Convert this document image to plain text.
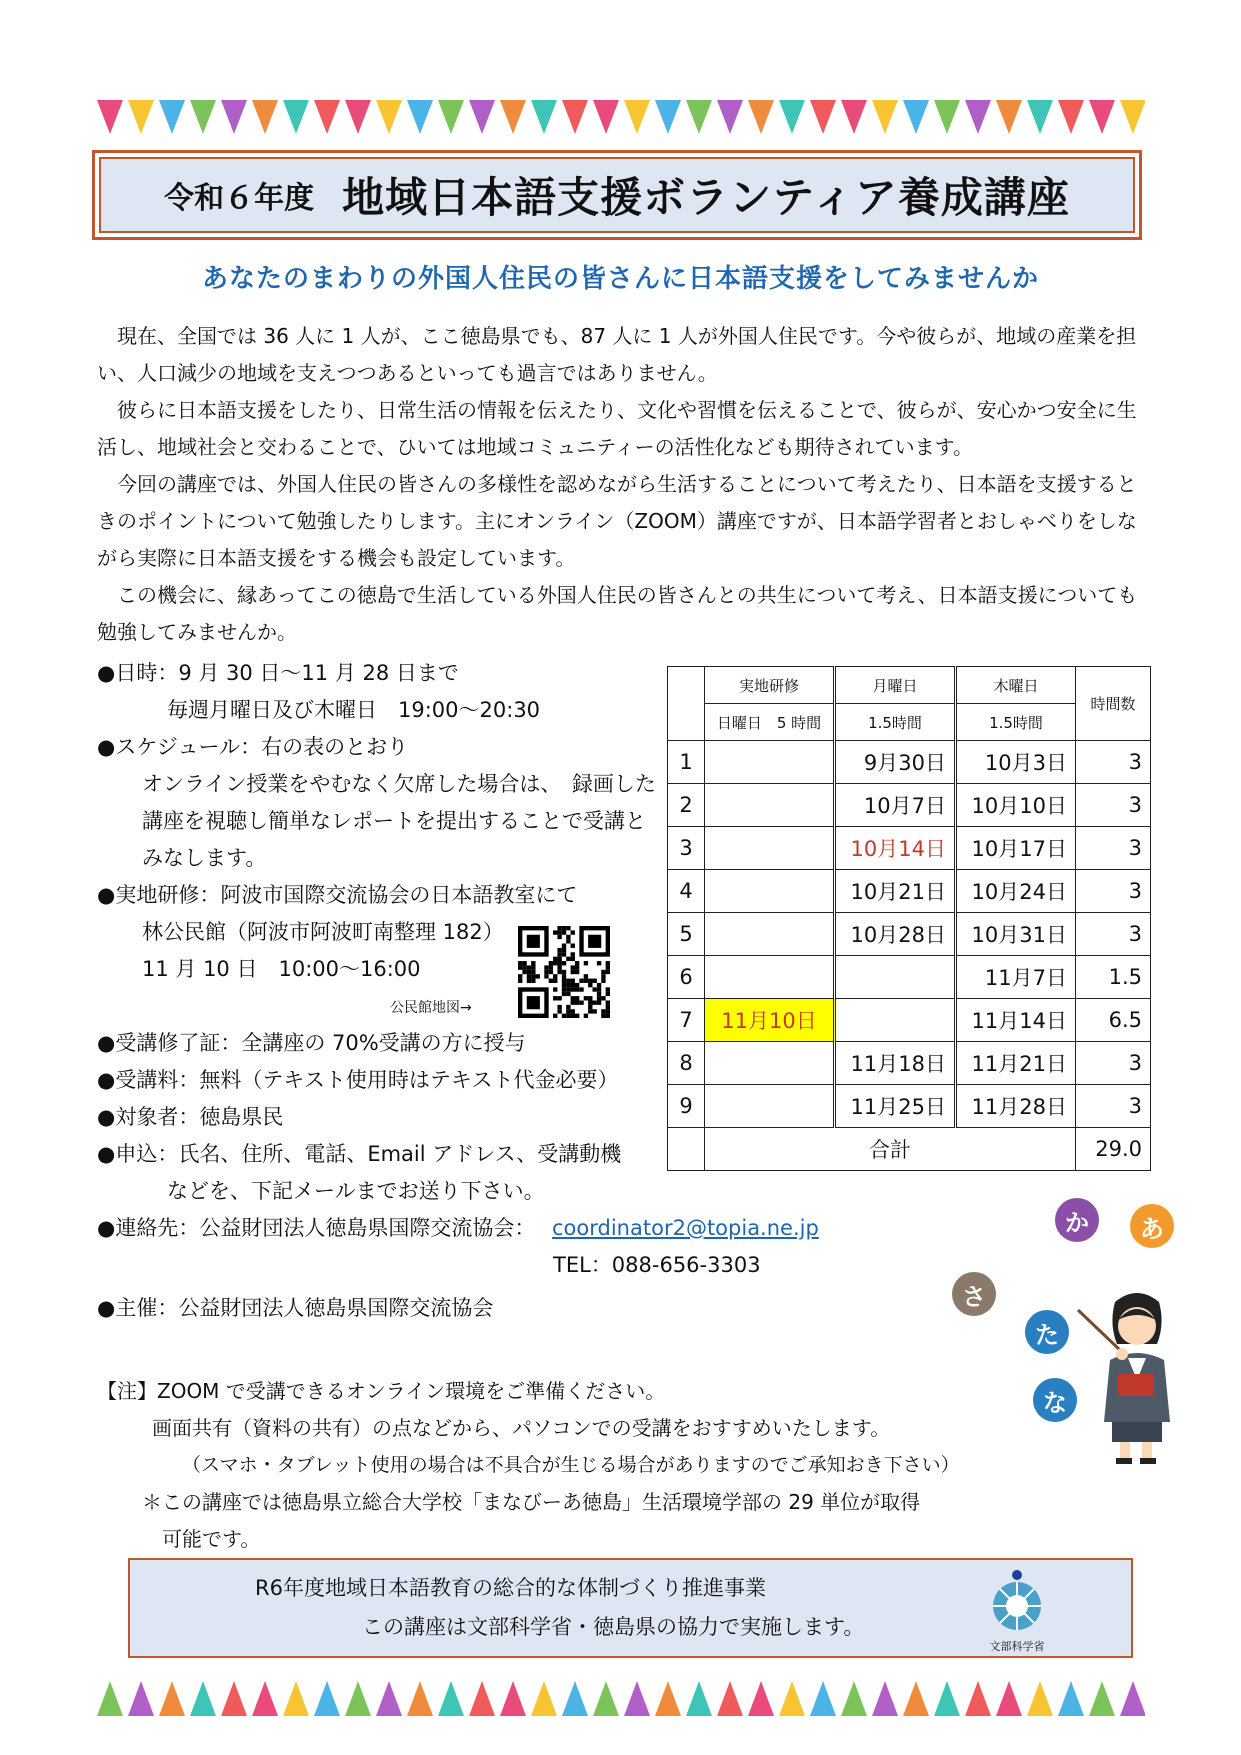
令和６年度 地域日本語支援ボランティア養成講座
あなたのまわりの外国人住民の皆さんに日本語支援をしてみませんか

現在、全国では 36 人に 1 人が、ここ徳島県でも、87 人に 1 人が外国人住民です。今や彼らが、地域の産業を担い、人口減少の地域を支えつつあるといっても過言ではありません。

彼らに日本語支援をしたり、日常生活の情報を伝えたり、文化や習慣を伝えることで、彼らが、安心かつ安全に生活し、地域社会と交わることで、ひいては地域コミュニティーの活性化なども期待されています。

今回の講座では、外国人住民の皆さんの多様性を認めながら生活することについて考えたり、日本語を支援するときのポイントについて勉強したりします。主にオンライン（ZOOM）講座ですが、日本語学習者とおしゃべりをしながら実際に日本語支援をする機会も設定しています。

この機会に、縁あってこの徳島で生活している外国人住民の皆さんとの共生について考え、日本語支援についても勉強してみませんか。

●日時：9 月 30 日～11 月 28 日まで
毎週月曜日及び木曜日　19:00～20:30
●スケジュール：右の表のとおり
オンライン授業をやむなく欠席した場合は、　録画した
講座を視聴し簡単なレポートを提出することで受講と
みなします。
●実地研修：阿波市国際交流協会の日本語教室にて
林公民館（阿波市阿波町南整理 182）
11 月 10 日　10:00～16:00
公民館地図→
●受講修了証：全講座の 70%受講の方に授与
●受講料：無料（テキスト使用時はテキスト代金必要）
●対象者：徳島県民
●申込：氏名、住所、電話、Email アドレス、受講動機
などを、下記メールまでお送り下さい。
●連絡先：公益財団法人徳島県国際交流協会： coordinator2@topia.ne.jp
TEL：088-656-3303
●主催：公益財団法人徳島県国際交流協会
	実地研修	月曜日	木曜日	時間数
	日曜日　5 時間	1.5時間	1.5時間	
1		9月30日	10月3日	3
2		10月7日	10月10日	3
3		10月14日	10月17日	3
4		10月21日	10月24日	3
5		10月28日	10月31日	3
6			11月7日	1.5
7	11月10日		11月14日	6.5
8		11月18日	11月21日	3
9		11月25日	11月28日	3
	合計			29.0
【注】ZOOM で受講できるオンライン環境をご準備ください。
画面共有（資料の共有）の点などから、パソコンでの受講をおすすめいたします。
（スマホ・タブレット使用の場合は不具合が生じる場合がありますのでご承知おき下さい）
＊この講座では徳島県立総合大学校「まなびーあ徳島」生活環境学部の 29 単位が取得
可能です。
R6年度地域日本語教育の総合的な体制づくり推進事業
この講座は文部科学省・徳島県の協力で実施します。
文部科学省
か	あ
さ
た
な
